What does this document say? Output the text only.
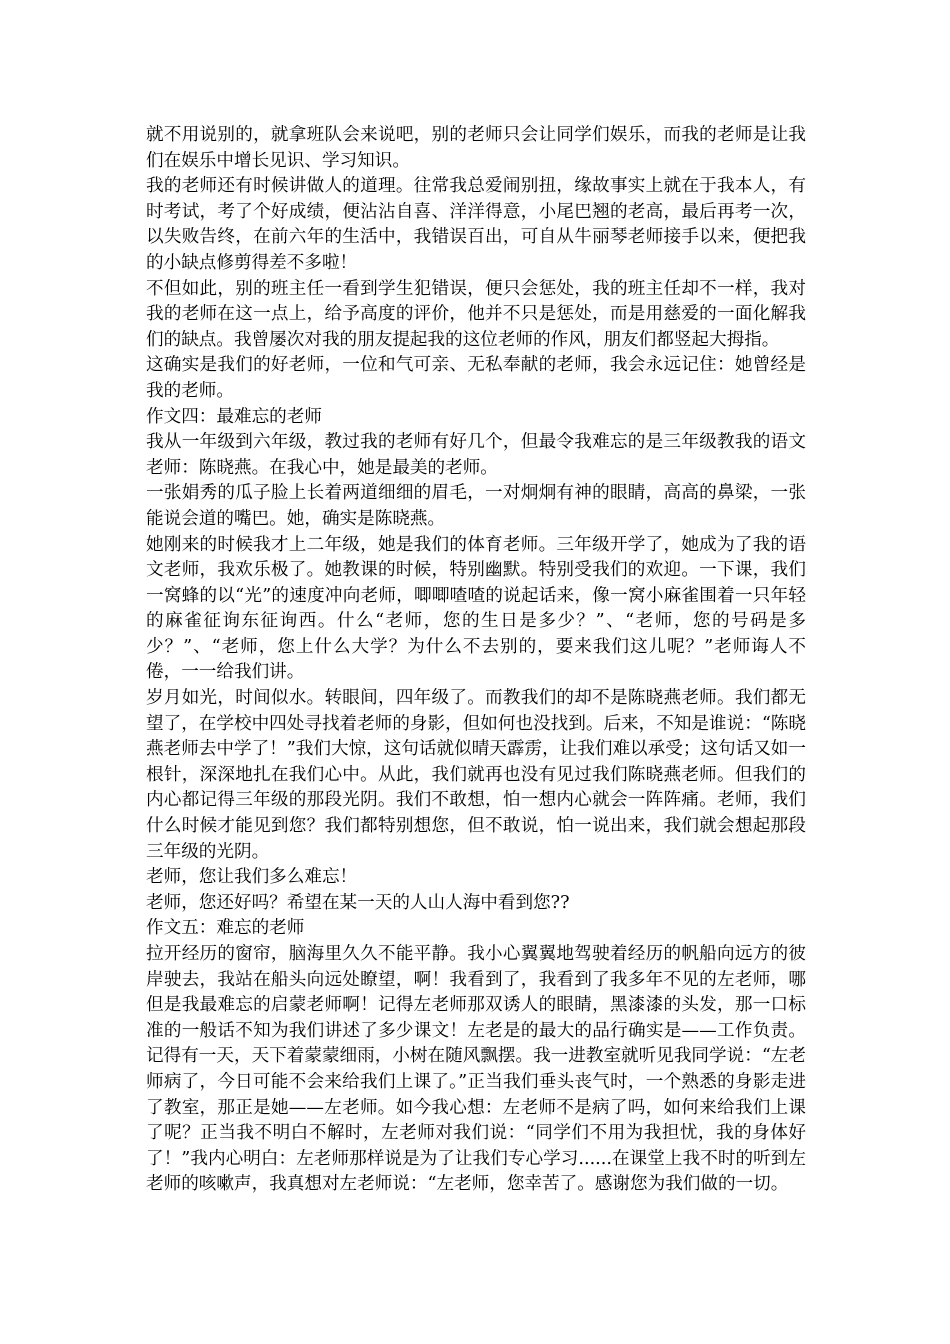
就不用说别的，就拿班队会来说吧，别的老师只会让同学们娱乐，而我的老师是让我们在娱乐中增长见识、学习知识。

我的老师还有时候讲做人的道理。往常我总爱闹别扭，缘故事实上就在于我本人，有时考试，考了个好成绩，便沾沾自喜、洋洋得意，小尾巴翘的老高，最后再考一次，以失败告终，在前六年的生活中，我错误百出，可自从牛丽琴老师接手以来，便把我的小缺点修剪得差不多啦！

不但如此，别的班主任一看到学生犯错误，便只会惩处，我的班主任却不一样，我对我的老师在这一点上，给予高度的评价，他并不只是惩处，而是用慈爱的一面化解我们的缺点。我曾屡次对我的朋友提起我的这位老师的作风，朋友们都竖起大拇指。

这确实是我们的好老师，一位和气可亲、无私奉献的老师，我会永远记住：她曾经是我的老师。

作文四：最难忘的老师

我从一年级到六年级，教过我的老师有好几个，但最令我难忘的是三年级教我的语文老师：陈晓燕。在我心中，她是最美的老师。

一张娟秀的瓜子脸上长着两道细细的眉毛，一对炯炯有神的眼睛，高高的鼻梁，一张能说会道的嘴巴。她，确实是陈晓燕。

她刚来的时候我才上二年级，她是我们的体育老师。三年级开学了，她成为了我的语文老师，我欢乐极了。她教课的时候，特别幽默。特别受我们的欢迎。一下课，我们一窝蜂的以“光”的速度冲向老师，唧唧喳喳的说起话来，像一窝小麻雀围着一只年轻的麻雀征询东征询西。什么“老师，您的生日是多少？”、“老师，您的号码是多少？”、“老师，您上什么大学？为什么不去别的，要来我们这儿呢？”老师诲人不倦，一一给我们讲。

岁月如光，时间似水。转眼间，四年级了。而教我们的却不是陈晓燕老师。我们都无望了，在学校中四处寻找着老师的身影，但如何也没找到。后来，不知是谁说：“陈晓燕老师去中学了！”我们大惊，这句话就似晴天霹雳，让我们难以承受；这句话又如一根针，深深地扎在我们心中。从此，我们就再也没有见过我们陈晓燕老师。但我们的内心都记得三年级的那段光阴。我们不敢想，怕一想内心就会一阵阵痛。老师，我们什么时候才能见到您？我们都特别想您，但不敢说，怕一说出来，我们就会想起那段三年级的光阴。

老师，您让我们多么难忘！

老师，您还好吗？希望在某一天的人山人海中看到您??

作文五：难忘的老师

拉开经历的窗帘，脑海里久久不能平静。我小心翼翼地驾驶着经历的帆船向远方的彼岸驶去，我站在船头向远处瞭望，啊！我看到了，我看到了我多年不见的左老师，哪但是我最难忘的启蒙老师啊！记得左老师那双诱人的眼睛，黑漆漆的头发，那一口标准的一般话不知为我们讲述了多少课文！左老是的最大的品行确实是——工作负责。记得有一天，天下着蒙蒙细雨，小树在随风飘摆。我一进教室就听见我同学说：“左老师病了，今日可能不会来给我们上课了。”正当我们垂头丧气时，一个熟悉的身影走进了教室，那正是她——左老师。如今我心想：左老师不是病了吗，如何来给我们上课了呢？正当我不明白不解时，左老师对我们说：“同学们不用为我担忧，我的身体好了！”我内心明白：左老师那样说是为了让我们专心学习......在课堂上我不时的听到左老师的咳嗽声，我真想对左老师说：“左老师，您幸苦了。感谢您为我们做的一切。
